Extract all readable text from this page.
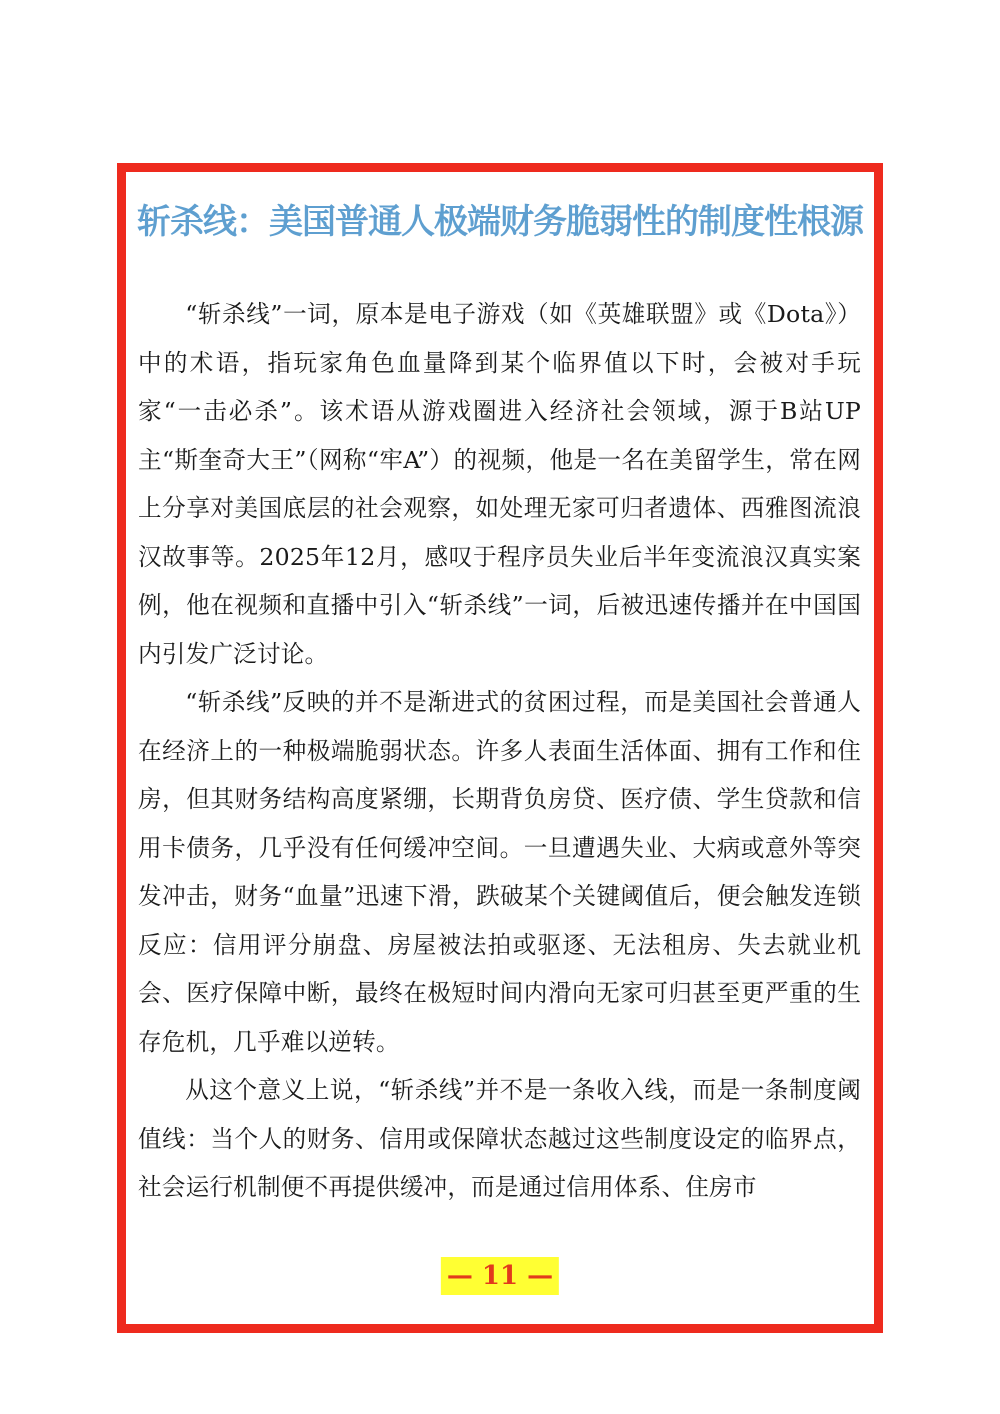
斩杀线：美国普通人极端财务脆弱性的制度性根源

“斩杀线”一词，原本是电子游戏（如《英雄联盟》或《Dota》）中的术语，指玩家角色血量降到某个临界值以下时，会被对手玩家“一击必杀”。该术语从游戏圈进入经济社会领域，源于B站UP主“斯奎奇大王”（网称“牢A”）的视频，他是一名在美留学生，常在网上分享对美国底层的社会观察，如处理无家可归者遗体、西雅图流浪汉故事等。2025年12月，感叹于程序员失业后半年变流浪汉真实案例，他在视频和直播中引入“斩杀线”一词，后被迅速传播并在中国国内引发广泛讨论。

“斩杀线”反映的并不是渐进式的贫困过程，而是美国社会普通人在经济上的一种极端脆弱状态。许多人表面生活体面、拥有工作和住房，但其财务结构高度紧绷，长期背负房贷、医疗债、学生贷款和信用卡债务，几乎没有任何缓冲空间。一旦遭遇失业、大病或意外等突发冲击，财务“血量”迅速下滑，跌破某个关键阈值后，便会触发连锁反应：信用评分崩盘、房屋被法拍或驱逐、无法租房、失去就业机会、医疗保障中断，最终在极短时间内滑向无家可归甚至更严重的生存危机，几乎难以逆转。

从这个意义上说，“斩杀线”并不是一条收入线，而是一条制度阈值线：当个人的财务、信用或保障状态越过这些制度设定的临界点，社会运行机制便不再提供缓冲，而是通过信用体系、住房市

— 11 —
